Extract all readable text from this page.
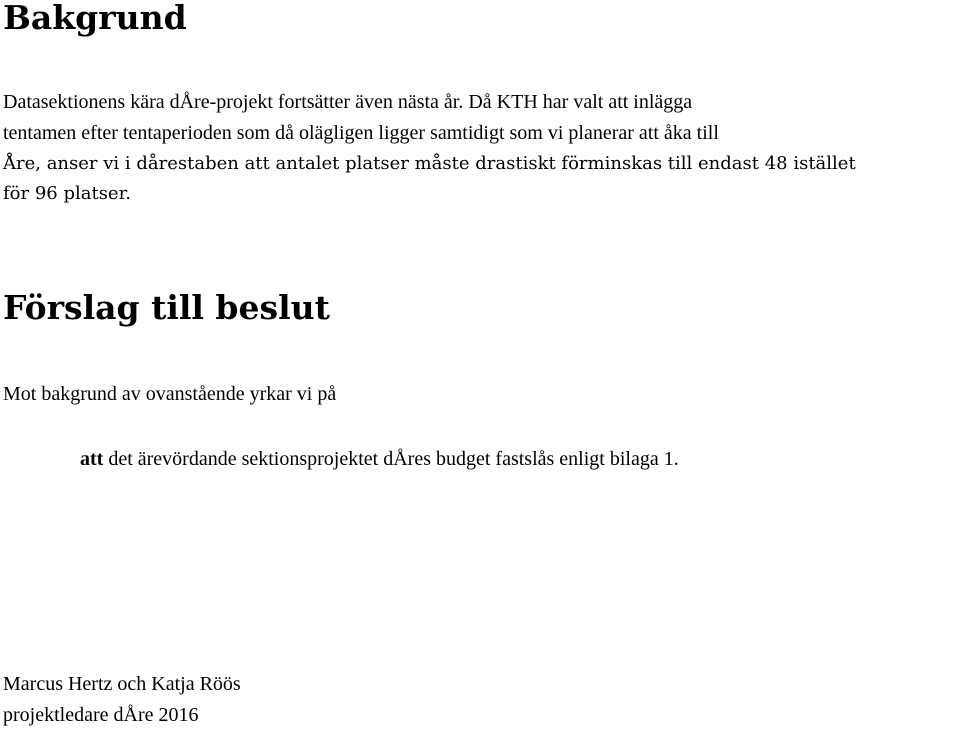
Bakgrund
Datasektionens kära dÅre-projekt fortsätter även nästa år. Då KTH har valt att inlägga
tentamen efter tentaperioden som då olägligen ligger samtidigt som vi planerar att åka till
Åre, anser vi i dårestaben att antalet platser måste drastiskt förminskas till endast 48 istället
för 96 platser.
Förslag till beslut

Mot bakgrund av ovanstående yrkar vi på

att det ärevördande sektionsprojektet dÅres budget fastslås enligt bilaga 1.

Marcus Hertz och Katja Röös
projektledare dÅre 2016
